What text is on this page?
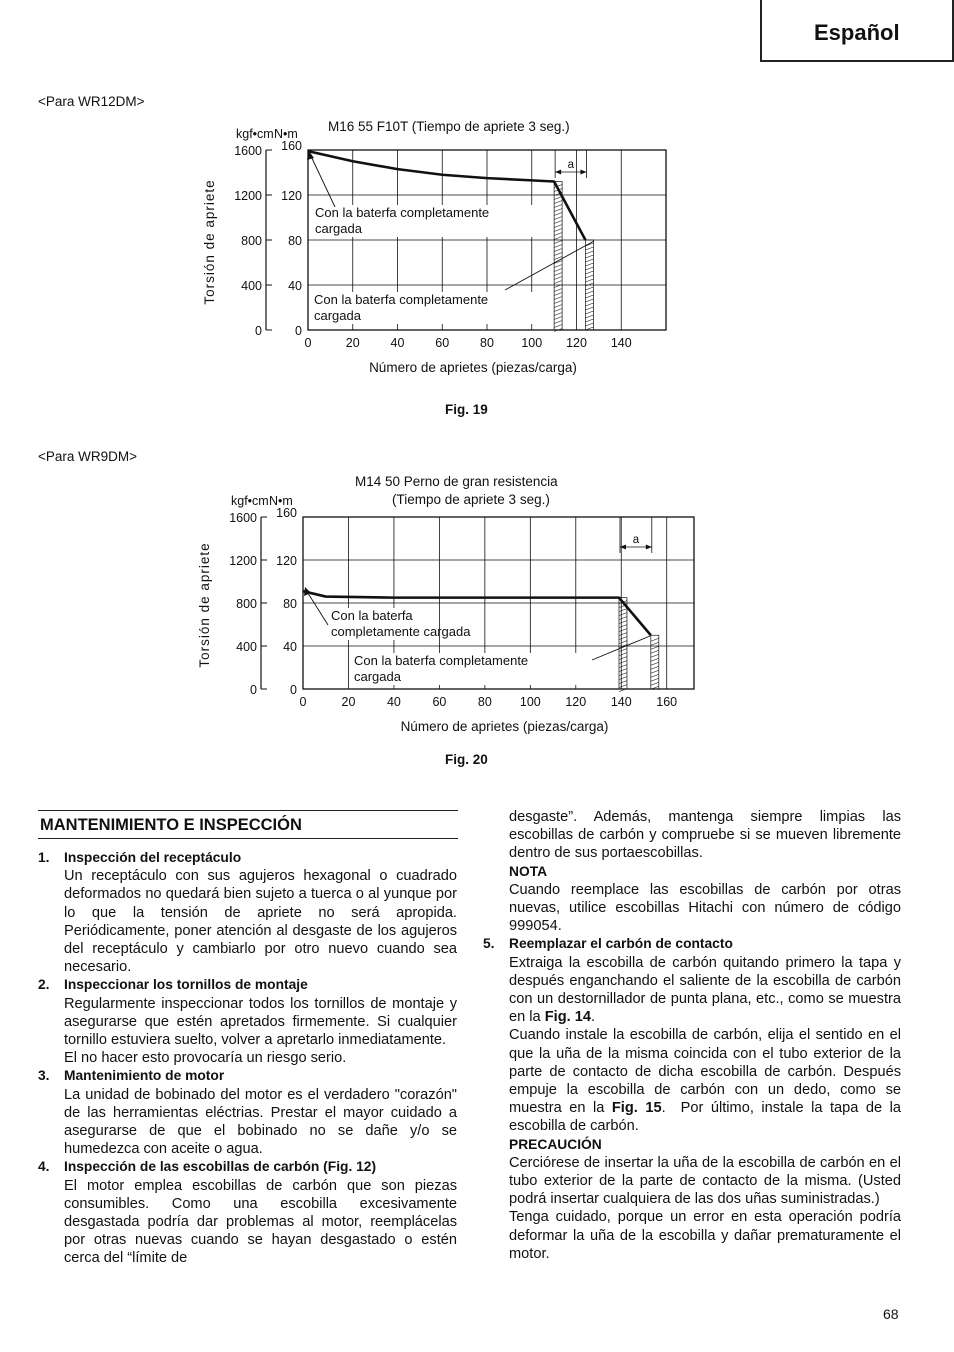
Español
<Para WR12DM>
M16 55 F10T (Tiempo de apriete 3 seg.)
0	0
400 40
800 80
1200 120
1600 160
kgf•cm N•m
Torsión de apriete
0	20 40 60 80 100 120 140
Número de aprietes (piezas/carga)
a
Con la baterfa completamente
cargada
Con la baterfa completamente
cargada
Fig. 19
<Para WR9DM>
M14 50 Perno de gran resistencia
(Tiempo de apriete 3 seg.)
0	0
400 40
800 80
1200 120
1600 160
kgf•cm N•m
Torsión de apriete
0	20	40	60	80 100 120 140 160
Número de aprietes (piezas/carga)
a
Con la baterfa
completamente cargada
Con la baterfa completamente
cargada
Fig. 20
MANTENIMIENTO E INSPECCIÓN

1. Inspección del receptáculo

Un receptáculo con sus agujeros hexagonal o cuadrado deformados no quedará bien sujeto a tuerca o al yunque por lo que la tensión de apriete no será apropida. Periódicamente, poner atención al desgaste de los agujeros del receptáculo y cambiarlo por otro nuevo cuando sea necesario.

2. Inspeccionar los tornillos de montaje

Regularmente inspeccionar todos los tornillos de montaje y asegurarse que estén apretados firmemente. Si cualquier tornillo estuviera suelto, volver a apretarlo inmediatamente.

El no hacer esto provocaría un riesgo serio.

3. Mantenimiento de motor

La unidad de bobinado del motor es el verdadero "corazón" de las herramientas eléctrias. Prestar el mayor cuidado a asegurarse de que el bobinado no se dañe y/o se humedezca con aceite o agua.

4. Inspección de las escobillas de carbón (Fig. 12)

El motor emplea escobillas de carbón que son piezas consumibles. Como una escobilla excesivamente desgastada podría dar problemas al motor, reemplácelas por otras nuevas cuando se hayan desgastado o estén cerca del “límite de

desgaste”. Además, mantenga siempre limpias las escobillas de carbón y compruebe si se mueven libremente dentro de sus portaescobillas.

NOTA

Cuando reemplace las escobillas de carbón por otras nuevas, utilice escobillas Hitachi con número de código 999054.

5. Reemplazar el carbón de contacto

Extraiga la escobilla de carbón quitando primero la tapa y después enganchando el saliente de la escobilla de carbón con un destornillador de punta plana, etc., como se muestra en la Fig. 14.

Cuando instale la escobilla de carbón, elija el sentido en el que la uña de la misma coincida con el tubo exterior de la parte de contacto de dicha escobilla de carbón. Después empuje la escobilla de carbón con un dedo, como se muestra en la Fig. 15.  Por último, instale la tapa de la escobilla de carbón.

PRECAUCIÓN

Cerciórese de insertar la uña de la escobilla de carbón en el tubo exterior de la parte de contacto de la misma. (Usted podrá insertar cualquiera de las dos uñas suministradas.)

Tenga cuidado, porque un error en esta operación podría deformar la uña de la escobilla y dañar prematuramente el motor.

68
